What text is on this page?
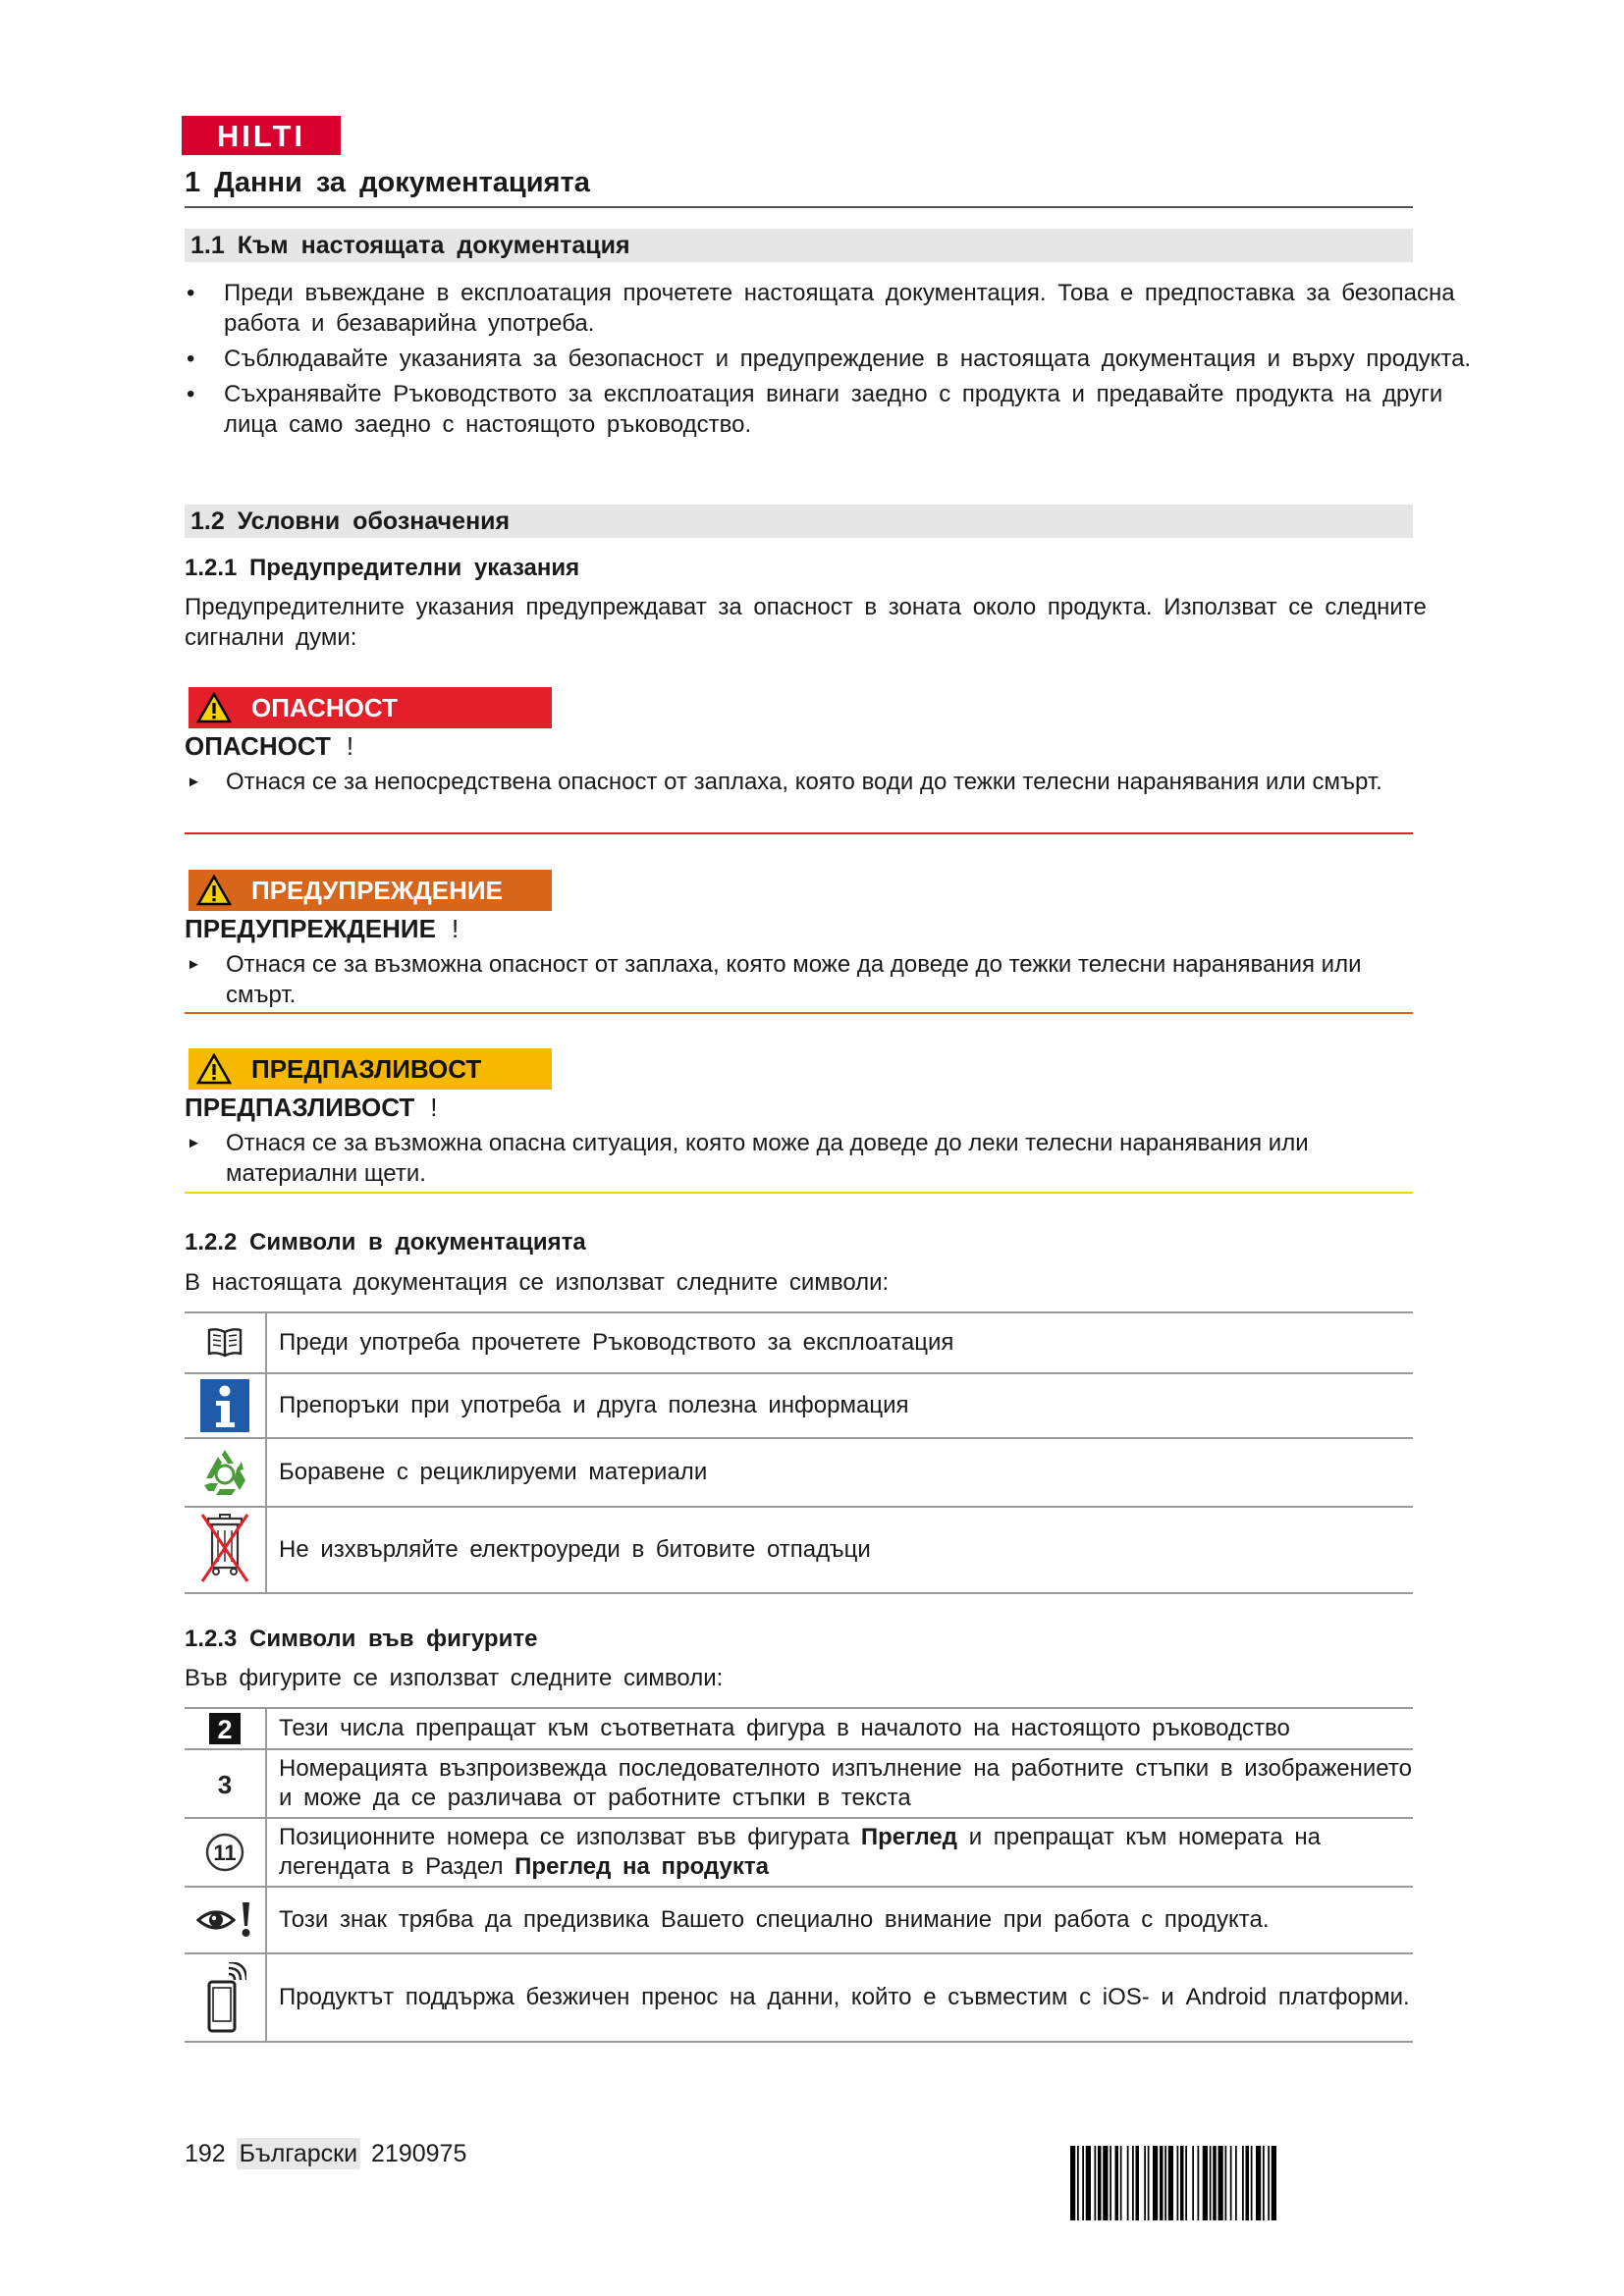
HILTI
1 Данни за документацията
1.1 Към настоящата документация
• Преди въвеждане в експлоатация прочетете настоящата документация. Това е предпоставка за безопасна работа и безаварийна употреба.
• Съблюдавайте указанията за безопасност и предупреждение в настоящата документация и върху продукта.
• Съхранявайте Ръководството за експлоатация винаги заедно с продукта и предавайте продукта на други лица само заедно с настоящото ръководство.
1.2 Условни обозначения
1.2.1 Предупредителни указания
Предупредителните указания предупреждават за опасност в зоната около продукта. Използват се следните сигнални думи:
ОПАСНОСТ
ОПАСНОСТ !
►	Отнася се за непосредствена опасност от заплаха, която води до тежки телесни наранявания или смърт.
ПРЕДУПРЕЖДЕНИЕ
ПРЕДУПРЕЖДЕНИЕ !
►	Отнася се за възможна опасност от заплаха, която може да доведе до тежки телесни наранявания или смърт.
ПРЕДПАЗЛИВОСТ
ПРЕДПАЗЛИВОСТ !
►	Отнася се за възможна опасна ситуация, която може да доведе до леки телесни наранявания или материални щети.
1.2.2 Символи в документацията
В настоящата документация се използват следните символи:
	Преди употреба прочетете Ръководството за експлоатация

	Препоръки при употреба и друга полезна информация

	Боравене с рециклируеми материали

	Не изхвърляйте електроуреди в битовите отпадъци
1.2.3 Символи във фигурите
Във фигурите се използват следните символи:
2	Тези числа препращат към съответната фигура в началото на настоящото ръководство

3	Номерацията възпроизвежда последователното изпълнение на работните стъпки в изображението и може да се различава от работните стъпки в текста

11	Позиционните номера се използват във фигурата Преглед и препращат към номерата на легендата в Раздел Преглед на продукта

	Този знак трябва да предизвика Вашето специално внимание при работа с продукта.

	Продуктът поддържа безжичен пренос на данни, който е съвместим с iOS- и Android платформи.
192 Български 2190975
